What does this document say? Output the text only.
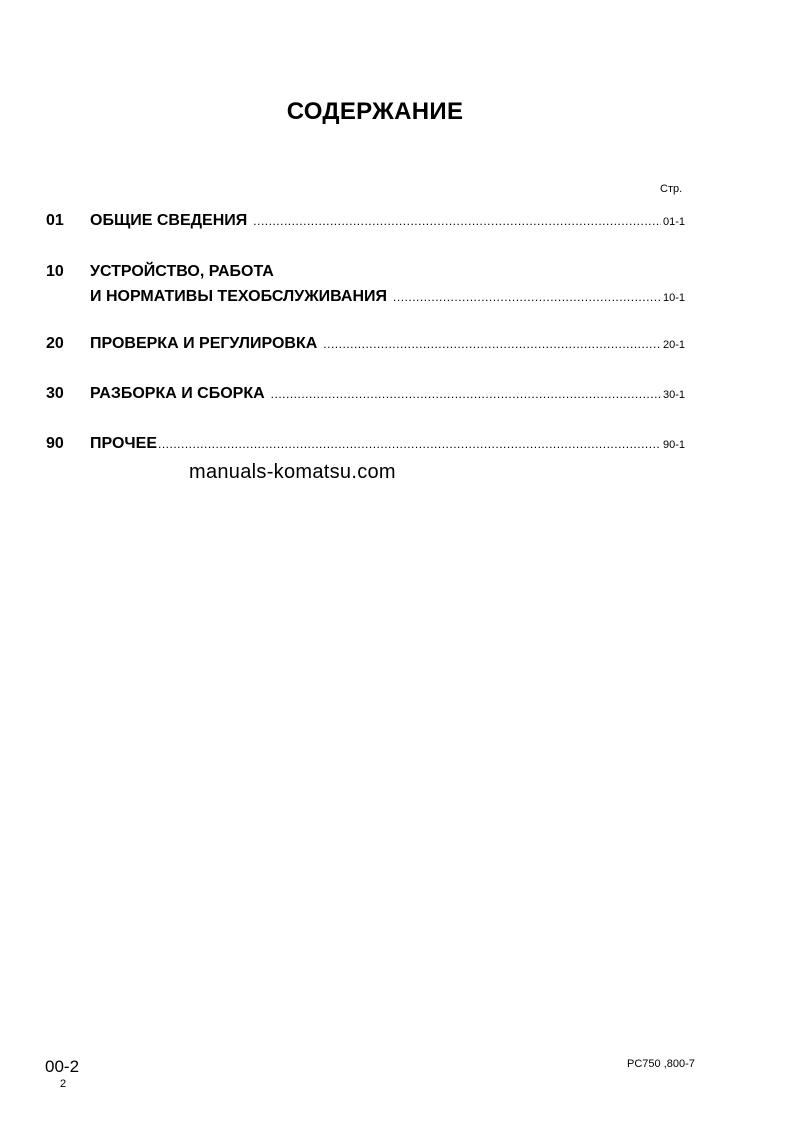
СОДЕРЖАНИЕ
Стр.
01 ОБЩИЕ СВЕДЕНИЯ .....	01-1
10 УСТРОЙСТВО, РАБОТА
И НОРМАТИВЫ ТЕХОБСЛУЖИВАНИЯ .....	10-1
20 ПРОВЕРКА И РЕГУЛИРОВКА .....	20-1
30 РАЗБОРКА И СБОРКА .....	30-1
90 ПРОЧЕЕ .....	90-1
manuals-komatsu.com
00-2
2
PC750 ,800-7
